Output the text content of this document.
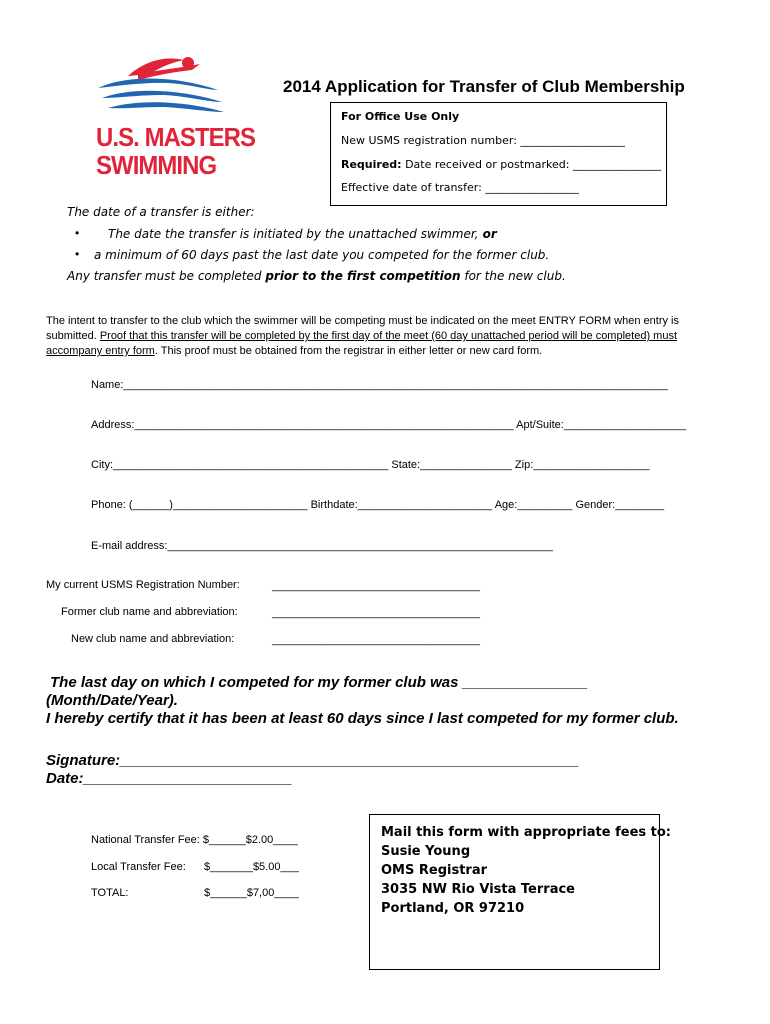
U.S. MASTERS
SWIMMING
2014 Application for Transfer of Club Membership
For Office Use Only
New USMS registration number: ___________________
Required: Date received or postmarked: ________________
Effective date of transfer: _________________
The date of a transfer is either:
• The date the transfer is initiated by the unattached swimmer, or
• a minimum of 60 days past the last date you competed for the former club.
Any transfer must be completed prior to the first competition for the new club.
The intent to transfer to the club which the swimmer will be competing must be indicated on the meet ENTRY FORM when entry is submitted. Proof that this transfer will be completed by the first day of the meet (60 day unattached period will be completed) must accompany entry form. This proof must be obtained from the registrar in either letter or new card form.
Name:_________________________________________________________________________________________
Address:______________________________________________________________ Apt/Suite:____________________
City:_____________________________________________ State:_______________ Zip:___________________
Phone: (______)______________________ Birthdate:______________________ Age:_________ Gender:________
E-mail address:_______________________________________________________________
My current USMS Registration Number:	__________________________________
Former club name and abbreviation:	__________________________________
New club name and abbreviation:	__________________________________
The last day on which I competed for my former club was _______________
(Month/Date/Year).
I hereby certify that it has been at least 60 days since I last competed for my former club.
Signature:_______________________________________________________
Date:_________________________
National Transfer Fee: $______$2.00____
Local Transfer Fee: $_______$5.00___
TOTAL:	$______$7,00____
Mail this form with appropriate fees to:
Susie Young
OMS Registrar
3035 NW Rio Vista Terrace
Portland, OR 97210
